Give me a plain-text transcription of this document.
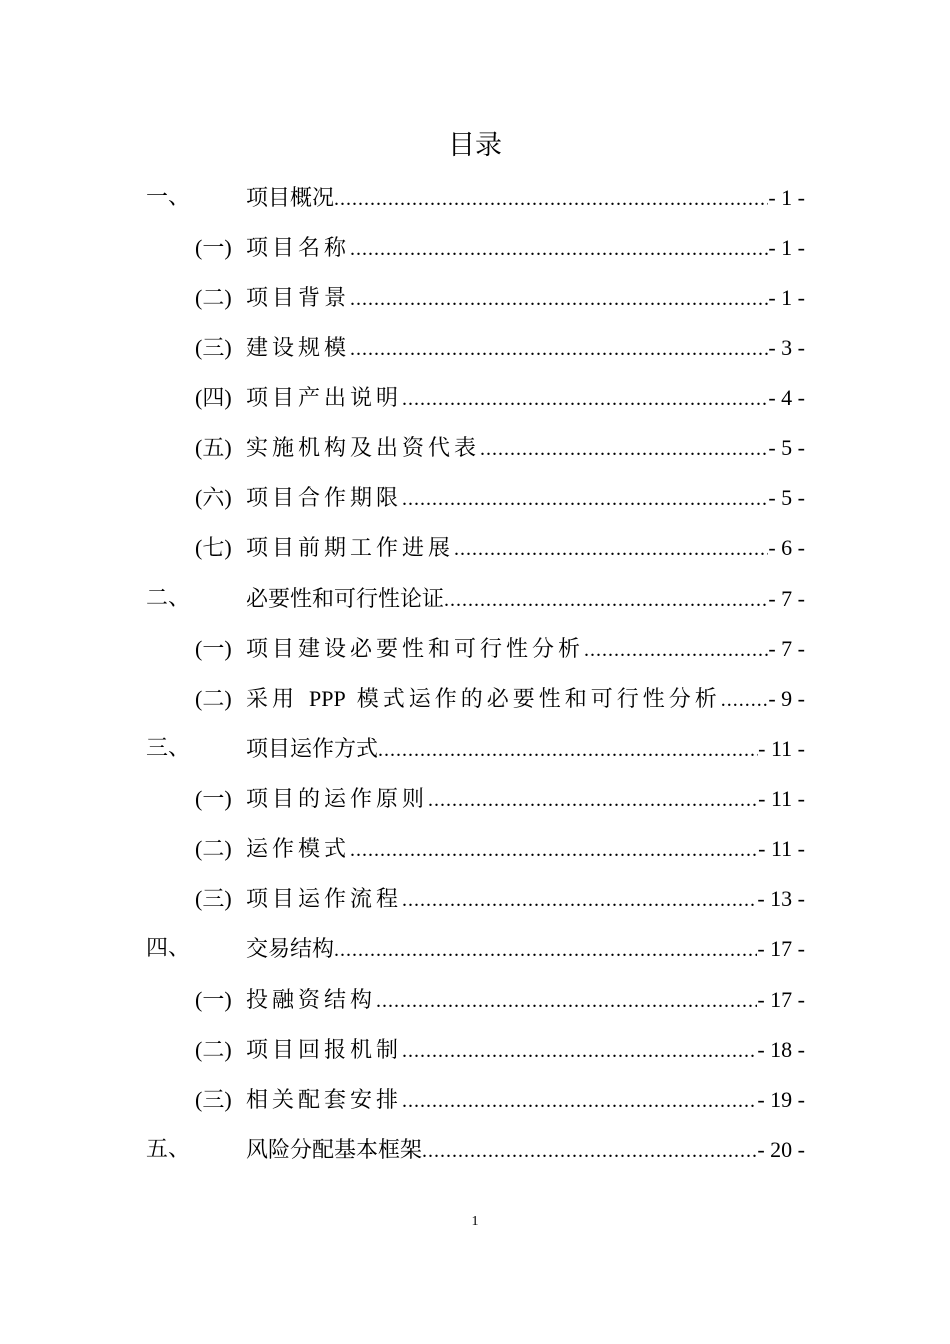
目录
一、	项目概况 .....	- 1 -
(一) 项目名称 .....	- 1 -
(二) 项目背景 .....	- 1 -
(三) 建设规模 .....	- 3 -
(四) 项目产出说明 .....	- 4 -
(五) 实施机构及出资代表 .....	- 5 -
(六) 项目合作期限 .....	- 5 -
(七) 项目前期工作进展 .....	- 6 -
二、	必要性和可行性论证 .....	- 7 -
(一) 项目建设必要性和可行性分析 .....	- 7 -
(二) 采用 PPP 模式运作的必要性和可行性分析 ..... - 9 -
三、	项目运作方式 .....	- 11 -
(一) 项目的运作原则 .....	- 11 -
(二) 运作模式 .....	- 11 -
(三) 项目运作流程 .....	- 13 -
四、	交易结构 .....	- 17 -
(一) 投融资结构 .....	- 17 -
(二) 项目回报机制 .....	- 18 -
(三) 相关配套安排 .....	- 19 -
五、	风险分配基本框架 .....	- 20 -
1
